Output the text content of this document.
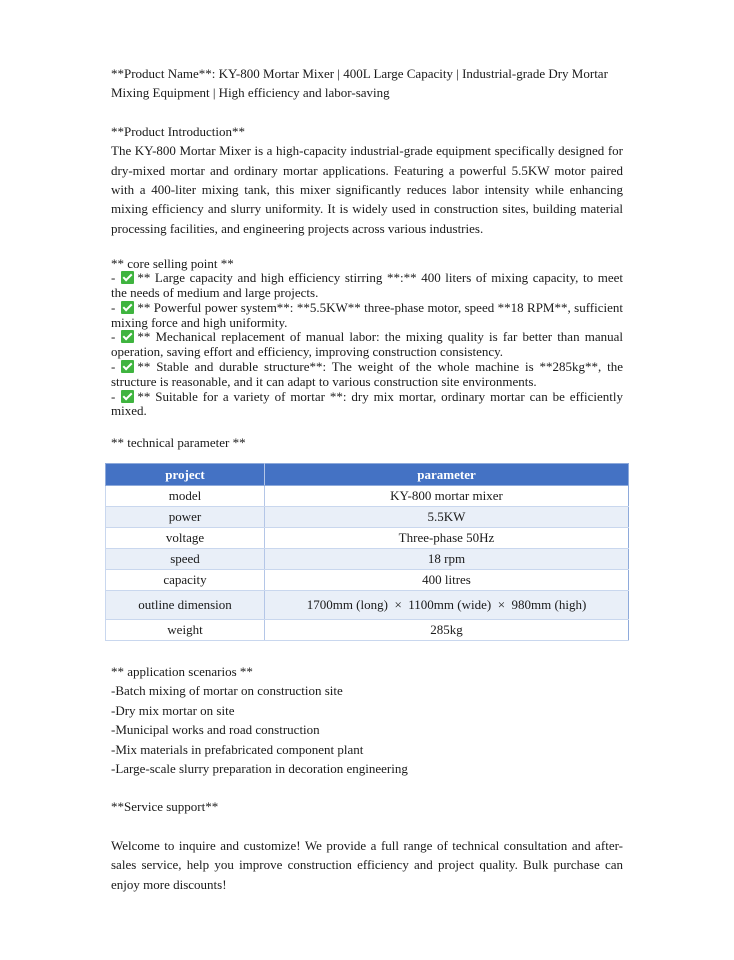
**Product Name**: KY-800 Mortar Mixer | 400L Large Capacity | Industrial-grade Dry Mortar
Mixing Equipment | High efficiency and labor-saving

**Product Introduction**

The KY-800 Mortar Mixer is a high-capacity industrial-grade equipment specifically designed for dry-mixed mortar and ordinary mortar applications. Featuring a powerful 5.5KW motor paired with a 400-liter mixing tank, this mixer significantly reduces labor intensity while enhancing mixing efficiency and slurry uniformity. It is widely used in construction sites, building material processing facilities, and engineering projects across various industries.

** core selling point **

- ** Large capacity and high efficiency stirring **:** 400 liters of mixing capacity, to meet the needs of medium and large projects.

- ** Powerful power system**: **5.5KW** three-phase motor, speed **18 RPM**, sufficient mixing force and high uniformity.

- ** Mechanical replacement of manual labor: the mixing quality is far better than manual operation, saving effort and efficiency, improving construction consistency.

- ** Stable and durable structure**: The weight of the whole machine is **285kg**, the structure is reasonable, and it can adapt to various construction site environments.

- ** Suitable for a variety of mortar **: dry mix mortar, ordinary mortar can be efficiently mixed.

** technical parameter **

project	parameter
model	KY-800 mortar mixer
power	5.5KW
voltage	Three-phase 50Hz
speed	18 rpm
capacity	400 litres
outline dimension	1700mm (long)  ×  1100mm (wide)  ×  980mm (high)
weight	285kg

** application scenarios **

-Batch mixing of mortar on construction site

-Dry mix mortar on site

-Municipal works and road construction

-Mix materials in prefabricated component plant

-Large-scale slurry preparation in decoration engineering

**Service support**

Welcome to inquire and customize! We provide a full range of technical consultation and after-sales service, help you improve construction efficiency and project quality. Bulk purchase can enjoy more discounts!
